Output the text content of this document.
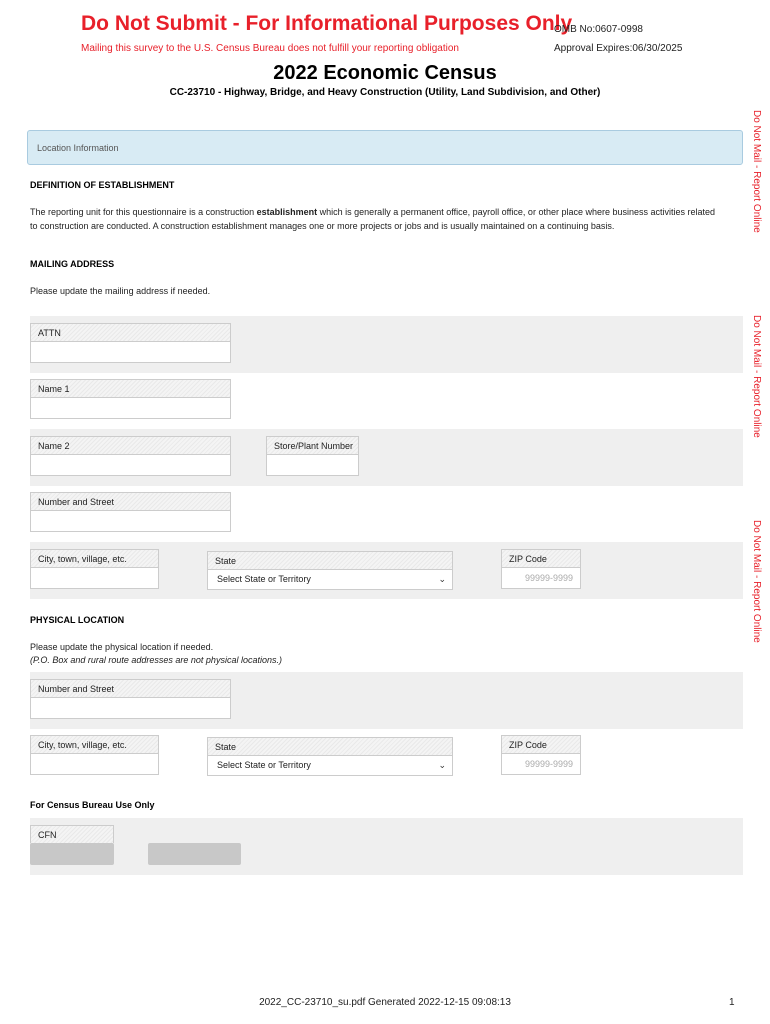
Do Not Submit - For Informational Purposes Only
Mailing this survey to the U.S. Census Bureau does not fulfill your reporting obligation
OMB No:0607-0998
Approval Expires:06/30/2025
2022 Economic Census
CC-23710 - Highway, Bridge, and Heavy Construction (Utility, Land Subdivision, and Other)
Do Not Mail - Report Online
Do Not Mail - Report Online
Do Not Mail - Report Online
Location Information
DEFINITION OF ESTABLISHMENT
The reporting unit for this questionnaire is a construction establishment which is generally a permanent office, payroll office, or other place where business activities related to construction are conducted. A construction establishment manages one or more projects or jobs and is usually maintained on a continuing basis.
MAILING ADDRESS
Please update the mailing address if needed.
ATTN
Name 1
Name 2	Store/Plant Number
Number and Street
City, town, village, etc.	State
Select State or Territory	⌄
ZIP Code
99999-9999
PHYSICAL LOCATION
Please update the physical location if needed.
(P.O. Box and rural route addresses are not physical locations.)
Number and Street
City, town, village, etc.	State
Select State or Territory	⌄
ZIP Code
99999-9999
For Census Bureau Use Only
CFN
2022_CC-23710_su.pdf Generated 2022-12-15 09:08:13	1
